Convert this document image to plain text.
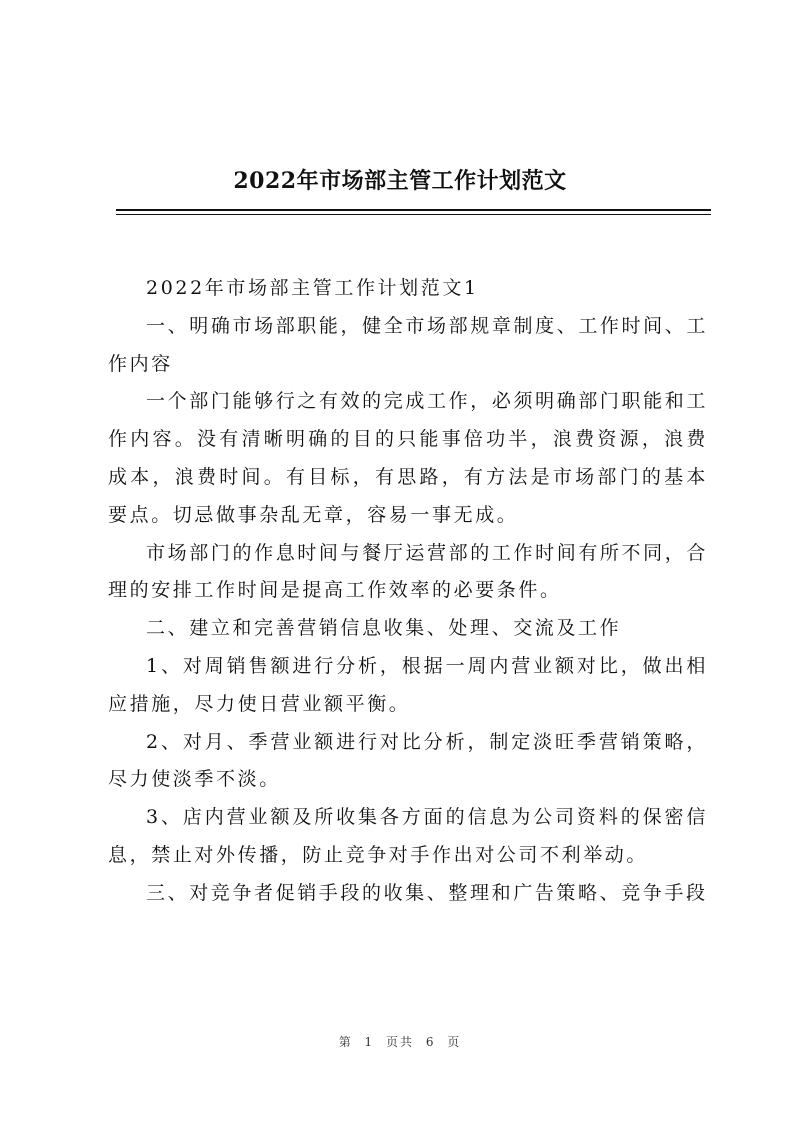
2022年市场部主管工作计划范文

2022年市场部主管工作计划范文1

一、明确市场部职能，健全市场部规章制度、工作时间、工作内容

一个部门能够行之有效的完成工作，必须明确部门职能和工作内容。没有清晰明确的目的只能事倍功半，浪费资源，浪费成本，浪费时间。有目标，有思路，有方法是市场部门的基本要点。切忌做事杂乱无章，容易一事无成。

市场部门的作息时间与餐厅运营部的工作时间有所不同，合理的安排工作时间是提高工作效率的必要条件。

二、建立和完善营销信息收集、处理、交流及工作

1、对周销售额进行分析，根据一周内营业额对比，做出相应措施，尽力使日营业额平衡。

2、对月、季营业额进行对比分析，制定淡旺季营销策略，尽力使淡季不淡。

3、店内营业额及所收集各方面的信息为公司资料的保密信息，禁止对外传播，防止竞争对手作出对公司不利举动。

三、对竞争者促销手段的收集、整理和广告策略、竞争手段

第 1 页共 6 页
